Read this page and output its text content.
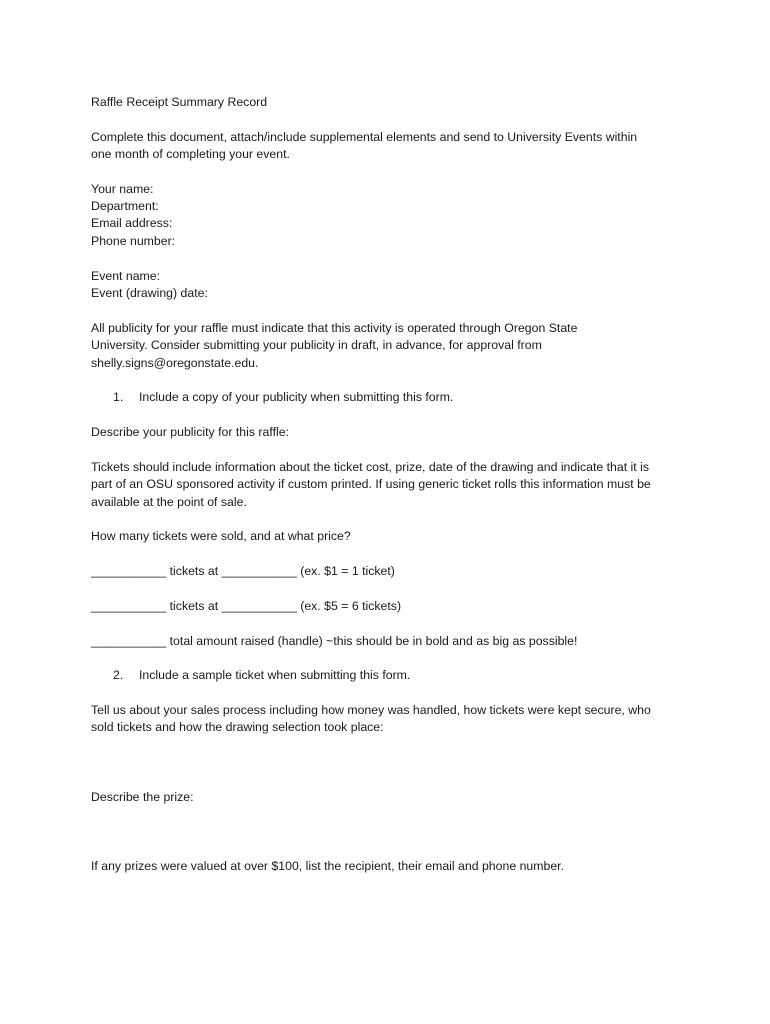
Raffle Receipt Summary Record

Complete this document, attach/include supplemental elements and send to University Events within
one month of completing your event.

Your name:

Department:

Email address:

Phone number:

Event name:

Event (drawing) date:

All publicity for your raffle must indicate that this activity is operated through Oregon State
University. Consider submitting your publicity in draft, in advance, for approval from
shelly.signs@oregonstate.edu.

1. Include a copy of your publicity when submitting this form.

Describe your publicity for this raffle:

Tickets should include information about the ticket cost, prize, date of the drawing and indicate that it is
part of an OSU sponsored activity if custom printed. If using generic ticket rolls this information must be
available at the point of sale.

How many tickets were sold, and at what price?

___________ tickets at ___________ (ex. $1 = 1 ticket)

___________ tickets at ___________ (ex. $5 = 6 tickets)

___________ total amount raised (handle) ~this should be in bold and as big as possible!

2. Include a sample ticket when submitting this form.

Tell us about your sales process including how money was handled, how tickets were kept secure, who
sold tickets and how the drawing selection took place:

Describe the prize:

If any prizes were valued at over $100, list the recipient, their email and phone number.
